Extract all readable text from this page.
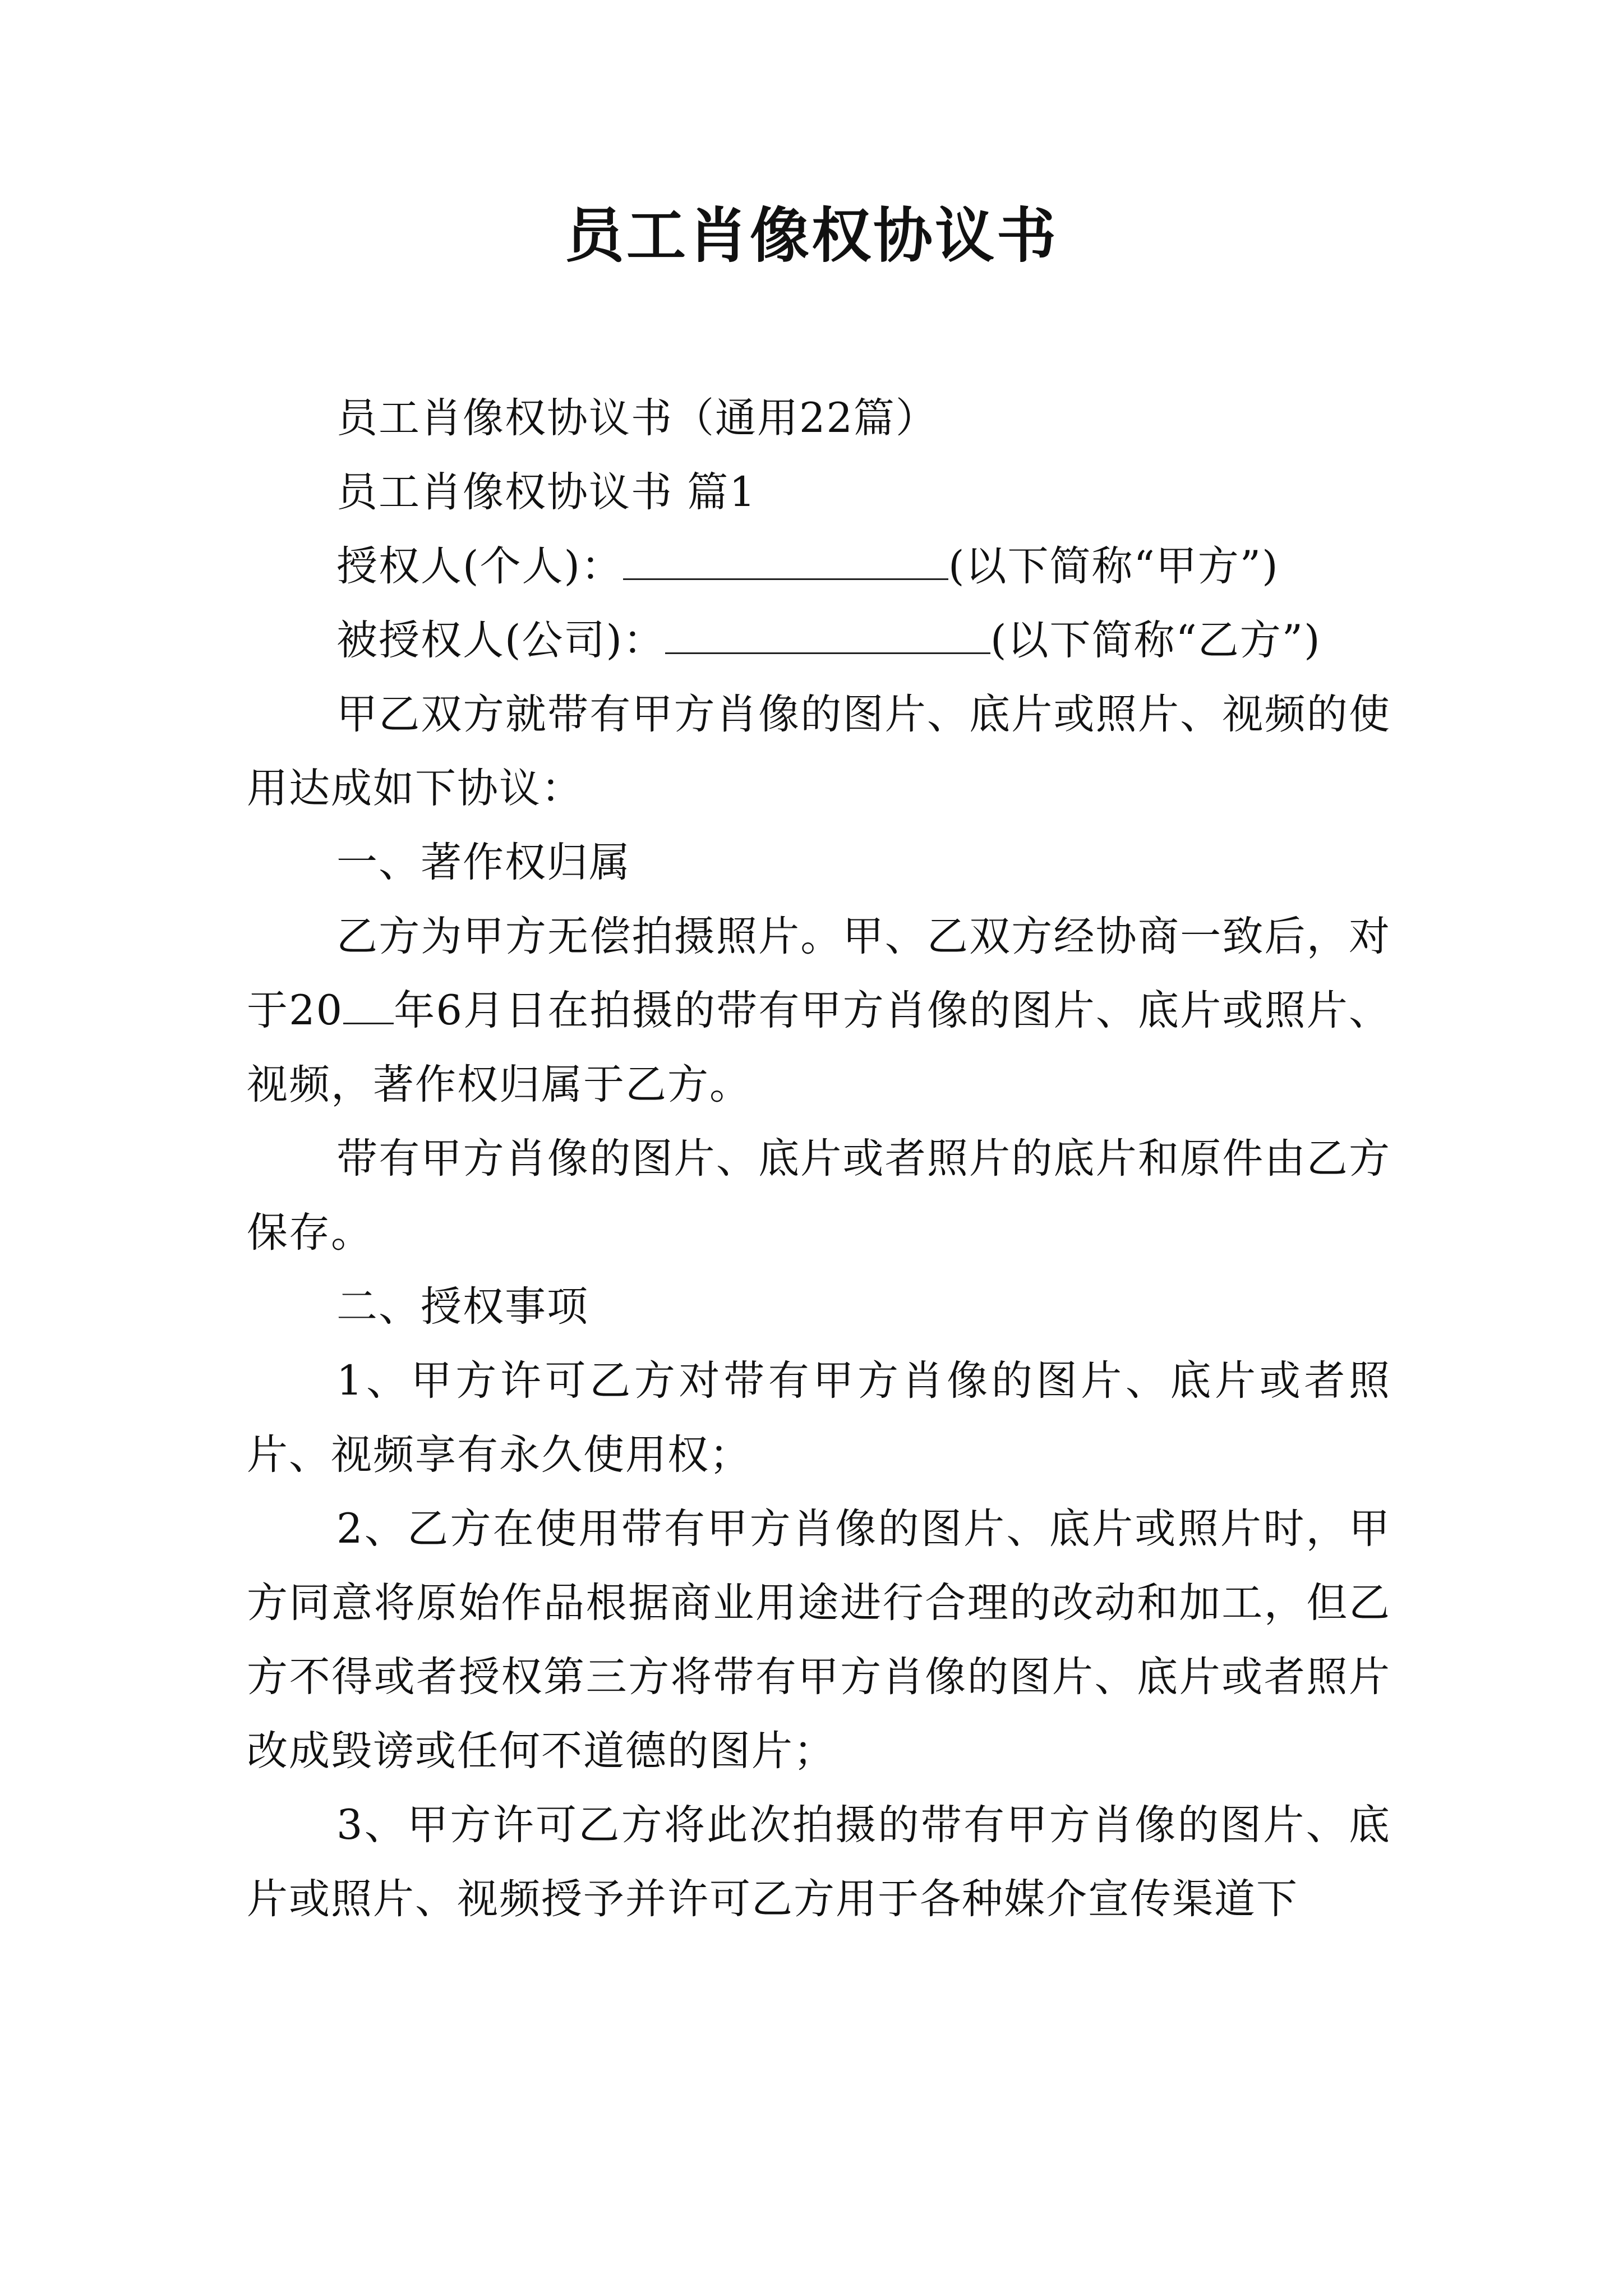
员工肖像权协议书

员工肖像权协议书（通用22篇）

员工肖像权协议书 篇1

授权人(个人)：	(以下简称“甲方”)

被授权人(公司)：	(以下简称“乙方”)

甲乙双方就带有甲方肖像的图片、底片或照片、视频的使用达成如下协议：

一、著作权归属

乙方为甲方无偿拍摄照片。甲、乙双方经协商一致后，对于20 年6月日在拍摄的带有甲方肖像的图片、底片或照片、视频，著作权归属于乙方。

带有甲方肖像的图片、底片或者照片的底片和原件由乙方保存。

二、授权事项

1、甲方许可乙方对带有甲方肖像的图片、底片或者照片、视频享有永久使用权；

2、乙方在使用带有甲方肖像的图片、底片或照片时，甲方同意将原始作品根据商业用途进行合理的改动和加工，但乙方不得或者授权第三方将带有甲方肖像的图片、底片或者照片改成毁谤或任何不道德的图片；

3、甲方许可乙方将此次拍摄的带有甲方肖像的图片、底片或照片、视频授予并许可乙方用于各种媒介宣传渠道下
